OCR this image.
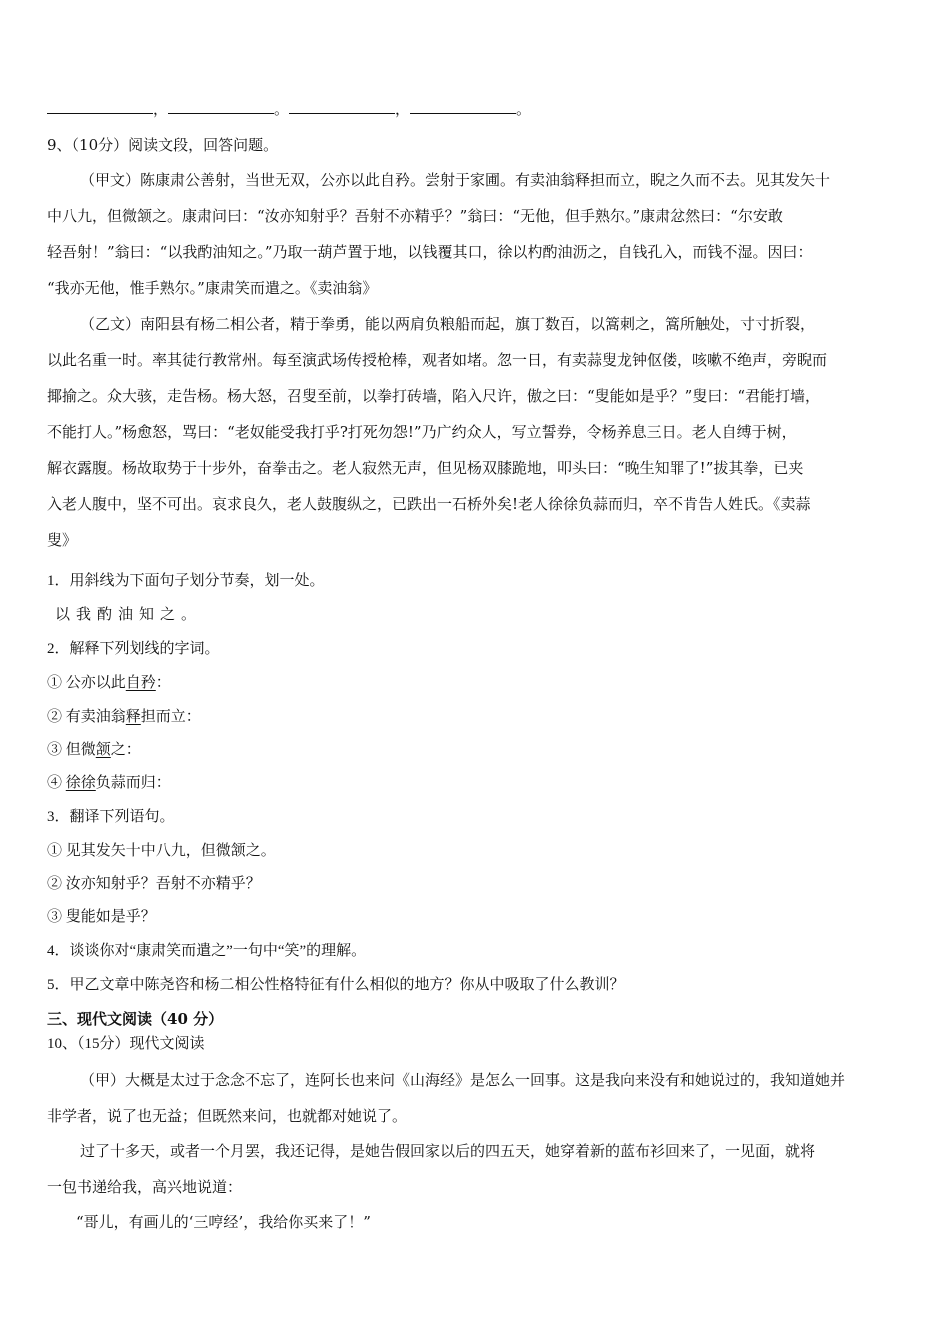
，	。	，	。
9、（10分）阅读文段，回答问题。
（甲文）陈康肃公善射，当世无双，公亦以此自矜。尝射于家圃。有卖油翁释担而立，睨之久而不去。见其发矢十
中八九，但微颔之。康肃问曰：“汝亦知射乎？吾射不亦精乎？”翁曰：“无他，但手熟尔。”康肃忿然曰：“尔安敢
轻吾射！”翁曰：“以我酌油知之。”乃取一葫芦置于地，以钱覆其口，徐以杓酌油沥之，自钱孔入，而钱不湿。因曰：
“我亦无他，惟手熟尔。”康肃笑而遣之。《卖油翁》
（乙文）南阳县有杨二相公者，精于拳勇，能以两肩负粮船而起，旗丁数百，以篙刺之，篙所触处，寸寸折裂，
以此名重一时。率其徒行教常州。每至演武场传授枪棒，观者如堵。忽一日，有卖蒜叟龙钟伛偻，咳嗽不绝声，旁睨而
揶揄之。众大骇，走告杨。杨大怒，召叟至前，以拳打砖墙，陷入尺许，傲之曰：“叟能如是乎？”叟曰：“君能打墙，
不能打人。”杨愈怒，骂曰：“老奴能受我打乎?打死勿怨!”乃广约众人，写立誓券，令杨养息三日。老人自缚于树，
解衣露腹。杨故取势于十步外，奋拳击之。老人寂然无声，但见杨双膝跪地，叩头曰：“晚生知罪了!”拔其拳，已夹
入老人腹中，坚不可出。哀求良久，老人鼓腹纵之，已跌出一石桥外矣!老人徐徐负蒜而归，卒不肯告人姓氏。《卖蒜
叟》
1．用斜线为下面句子划分节奏，划一处。
以我酌油知之。
2．解释下列划线的字词。
① 公亦以此自矜：
② 有卖油翁释担而立：
③ 但微颔之：
④ 徐徐负蒜而归：
3．翻译下列语句。
① 见其发矢十中八九，但微颔之。
② 汝亦知射乎？吾射不亦精乎？
③ 叟能如是乎？
4．谈谈你对“康肃笑而遣之”一句中“笑”的理解。
5．甲乙文章中陈尧咨和杨二相公性格特征有什么相似的地方？你从中吸取了什么教训？
三、现代文阅读（40 分）
10、（15分）现代文阅读
（甲）大概是太过于念念不忘了，连阿长也来问《山海经》是怎么一回事。这是我向来没有和她说过的，我知道她并
非学者，说了也无益；但既然来问，也就都对她说了。
过了十多天，或者一个月罢，我还记得，是她告假回家以后的四五天，她穿着新的蓝布衫回来了，一见面，就将
一包书递给我，高兴地说道：
“哥儿，有画儿的‘三哼经’，我给你买来了！”
